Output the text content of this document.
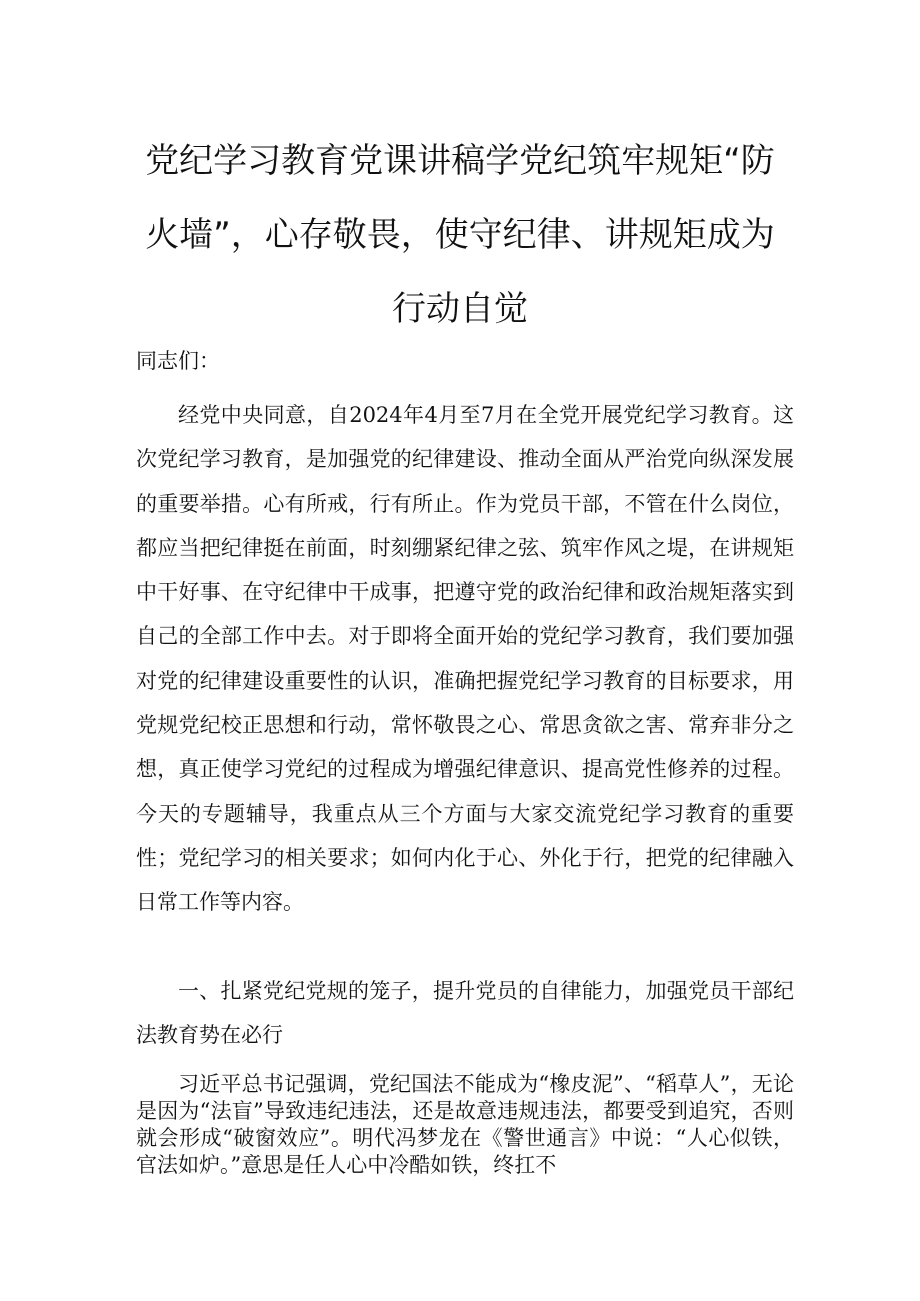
党纪学习教育党课讲稿学党纪筑牢规矩“防火墙”，心存敬畏，使守纪律、讲规矩成为行动自觉

同志们：

经党中央同意，自2024年4月至7月在全党开展党纪学习教育。这次党纪学习教育，是加强党的纪律建设、推动全面从严治党向纵深发展的重要举措。心有所戒，行有所止。作为党员干部，不管在什么岗位，都应当把纪律挺在前面，时刻绷紧纪律之弦、筑牢作风之堤，在讲规矩中干好事、在守纪律中干成事，把遵守党的政治纪律和政治规矩落实到自己的全部工作中去。对于即将全面开始的党纪学习教育，我们要加强对党的纪律建设重要性的认识，准确把握党纪学习教育的目标要求，用党规党纪校正思想和行动，常怀敬畏之心、常思贪欲之害、常弃非分之想，真正使学习党纪的过程成为增强纪律意识、提高党性修养的过程。今天的专题辅导，我重点从三个方面与大家交流党纪学习教育的重要性；党纪学习的相关要求；如何内化于心、外化于行，把党的纪律融入日常工作等内容。

一、扎紧党纪党规的笼子，提升党员的自律能力，加强党员干部纪法教育势在必行

习近平总书记强调，党纪国法不能成为“橡皮泥”、“稻草人”，无论是因为“法盲”导致违纪违法，还是故意违规违法，都要受到追究，否则就会形成“破窗效应”。明代冯梦龙在《警世通言》中说：“人心似铁，官法如炉。”意思是任人心中冷酷如铁，终扛不
